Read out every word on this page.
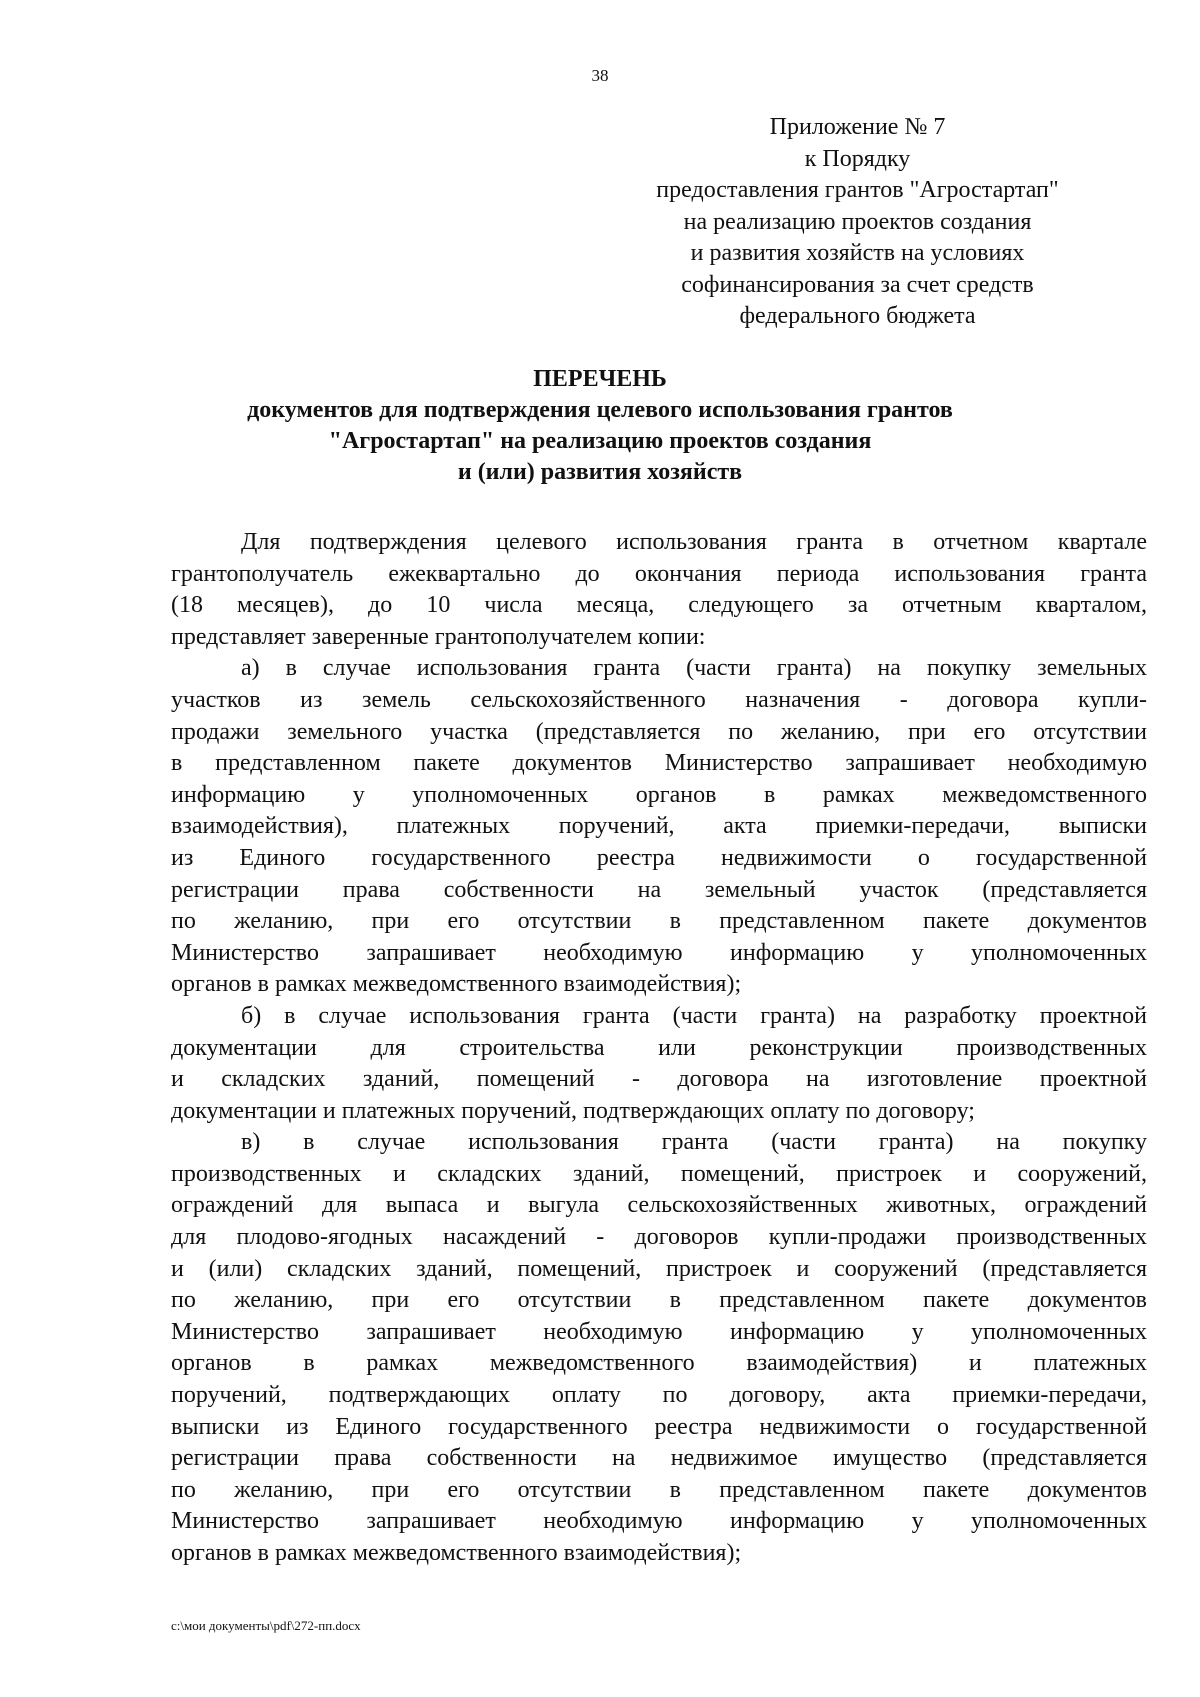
38
Приложение № 7
к Порядку
предоставления грантов "Агростартап"
на реализацию проектов создания
и развития хозяйств на условиях
софинансирования за счет средств
федерального бюджета
ПЕРЕЧЕНЬ
документов для подтверждения целевого использования грантов
"Агростартап" на реализацию проектов создания
и (или) развития хозяйств
Для подтверждения целевого использования гранта в отчетном квартале
грантополучатель ежеквартально до окончания периода использования гранта
(18 месяцев), до 10 числа месяца, следующего за отчетным кварталом,
представляет заверенные грантополучателем копии:
а) в случае использования гранта (части гранта) на покупку земельных
участков из земель сельскохозяйственного назначения - договора купли-
продажи земельного участка (представляется по желанию, при его отсутствии
в представленном пакете документов Министерство запрашивает необходимую
информацию у уполномоченных органов в рамках межведомственного
взаимодействия), платежных поручений, акта приемки-передачи, выписки
из Единого государственного реестра недвижимости о государственной
регистрации права собственности на земельный участок (представляется
по желанию, при его отсутствии в представленном пакете документов
Министерство запрашивает необходимую информацию у уполномоченных
органов в рамках межведомственного взаимодействия);
б) в случае использования гранта (части гранта) на разработку проектной
документации для строительства или реконструкции производственных
и складских зданий, помещений - договора на изготовление проектной
документации и платежных поручений, подтверждающих оплату по договору;
в) в случае использования гранта (части гранта) на покупку
производственных и складских зданий, помещений, пристроек и сооружений,
ограждений для выпаса и выгула сельскохозяйственных животных, ограждений
для плодово-ягодных насаждений - договоров купли-продажи производственных
и (или) складских зданий, помещений, пристроек и сооружений (представляется
по желанию, при его отсутствии в представленном пакете документов
Министерство запрашивает необходимую информацию у уполномоченных
органов в рамках межведомственного взаимодействия) и платежных
поручений, подтверждающих оплату по договору, акта приемки-передачи,
выписки из Единого государственного реестра недвижимости о государственной
регистрации права собственности на недвижимое имущество (представляется
по желанию, при его отсутствии в представленном пакете документов
Министерство запрашивает необходимую информацию у уполномоченных
органов в рамках межведомственного взаимодействия);
c:\мои документы\pdf\272-пп.docx
